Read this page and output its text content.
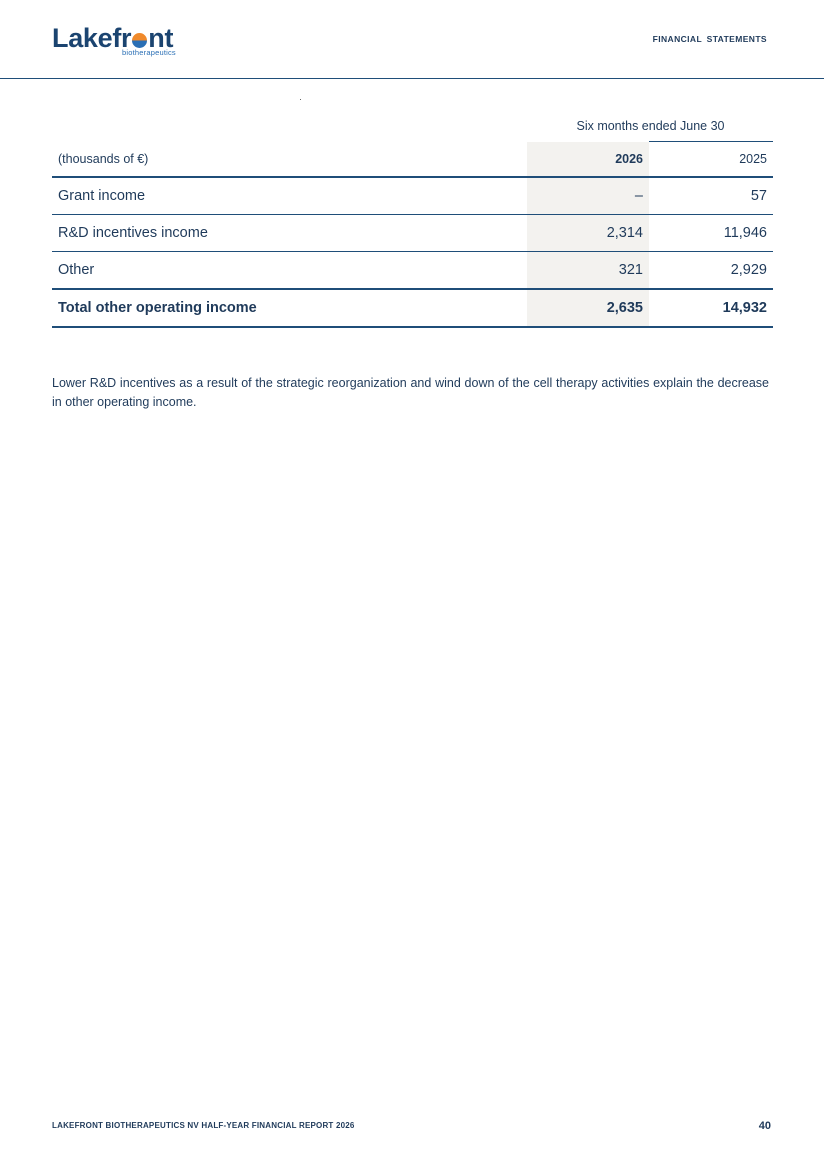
Lakefr nt
biotherapeutics
FINANCIAL STATEMENTS
Six months ended June 30
(thousands of €)	2026	2025
Grant income	–	57
R&D incentives income	2,314	11,946
Other	321	2,929
Total other operating income	2,635	14,932

Lower R&D incentives as a result of the strategic reorganization and wind down of the cell therapy activities explain the decrease in other operating income.

LAKEFRONT BIOTHERAPEUTICS NV HALF-YEAR FINANCIAL REPORT 2026	40
